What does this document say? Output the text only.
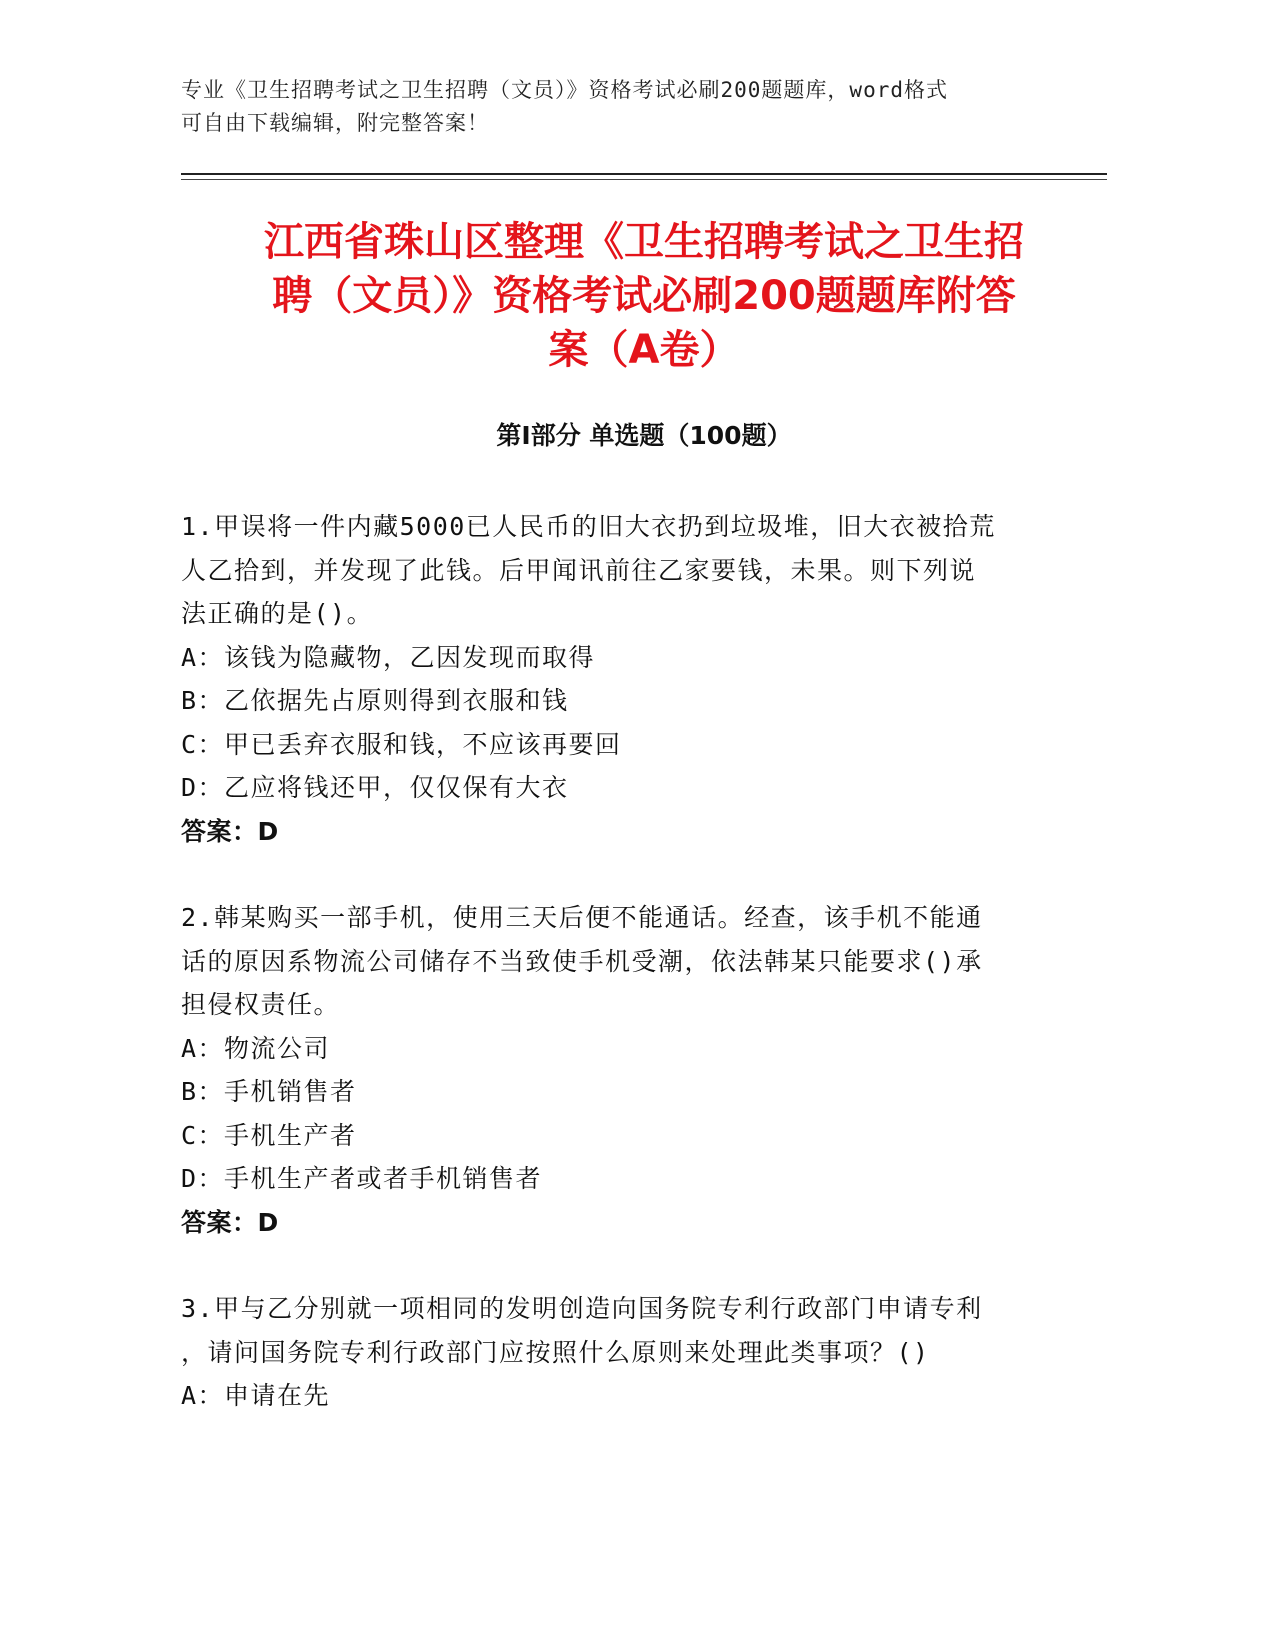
专业《卫生招聘考试之卫生招聘（文员）》资格考试必刷200题题库，word格式
可自由下载编辑，附完整答案！
江西省珠山区整理《卫生招聘考试之卫生招
聘（文员）》资格考试必刷200题题库附答
案（A卷）
第I部分 单选题（100题）

1.甲误将一件内藏5000已人民币的旧大衣扔到垃圾堆，旧大衣被拾荒

人乙拾到，并发现了此钱。后甲闻讯前往乙家要钱，未果。则下列说

法正确的是()。

A：该钱为隐藏物，乙因发现而取得

B：乙依据先占原则得到衣服和钱

C：甲已丢弃衣服和钱，不应该再要回

D：乙应将钱还甲，仅仅保有大衣

答案：D

2.韩某购买一部手机，使用三天后便不能通话。经查，该手机不能通

话的原因系物流公司储存不当致使手机受潮，依法韩某只能要求()承

担侵权责任。

A：物流公司

B：手机销售者

C：手机生产者

D：手机生产者或者手机销售者

答案：D

3.甲与乙分别就一项相同的发明创造向国务院专利行政部门申请专利

，请问国务院专利行政部门应按照什么原则来处理此类事项？()

A：申请在先
